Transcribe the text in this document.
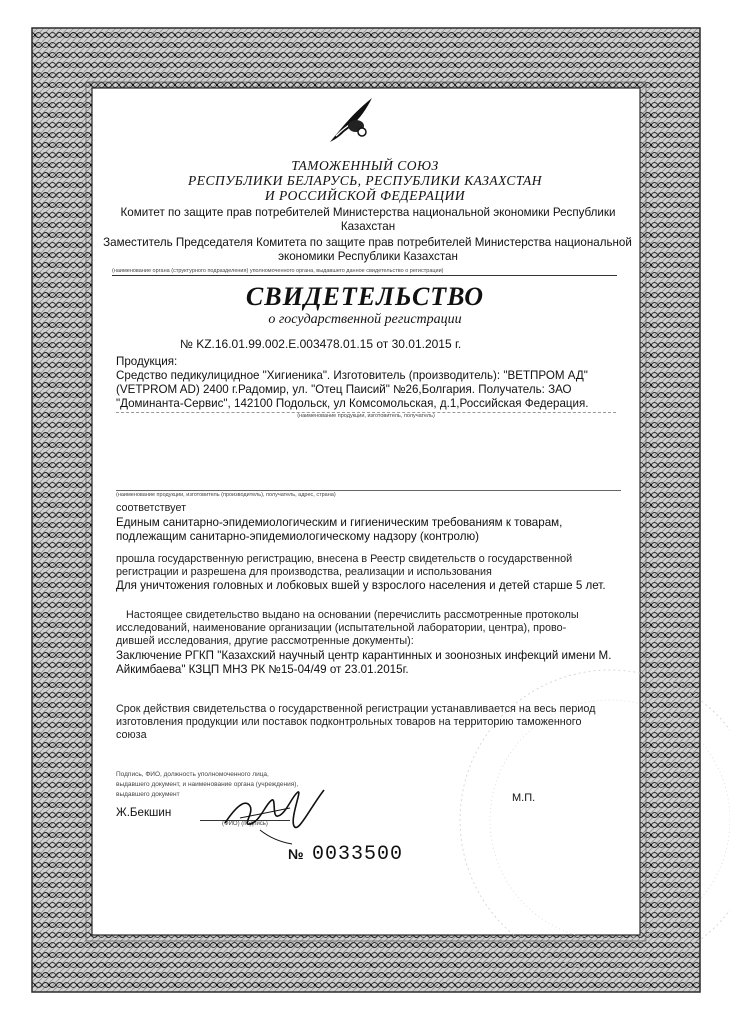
ТАМОЖЕННЫЙ СОЮЗ
РЕСПУБЛИКИ БЕЛАРУСЬ, РЕСПУБЛИКИ КАЗАХСТАН
И РОССИЙСКОЙ ФЕДЕРАЦИИ
Комитет по защите прав потребителей Министерства национальной экономики Республики
Казахстан
Заместитель Председателя Комитета по защите прав потребителей Министерства национальной
экономики Республики Казахстан
(наименование органа (структурного подразделения) уполномоченного органа, выдавшего данное свидетельство о регистрации)
СВИДЕТЕЛЬСТВО
о государственной регистрации
№ KZ.16.01.99.002.E.003478.01.15 от 30.01.2015 г.
Продукция:
Средство педикулицидное "Хигиеника". Изготовитель (производитель): "ВЕТПРОМ АД"
(VETPROM AD) 2400 г.Радомир, ул. "Отец Паисий" №26,Болгария. Получатель: ЗАО
"Доминанта-Сервис", 142100 Подольск, ул Комсомольская, д.1,Российская Федерация.
(наименование продукции, изготовитель, получатель)
(наименование продукции, изготовитель (производитель), получатель, адрес, страна)
соответствует
Единым санитарно-эпидемиологическим и гигиеническим требованиям к товарам,
подлежащим санитарно-эпидемиологическому надзору (контролю)
прошла государственную регистрацию, внесена в Реестр свидетельств о государственной
регистрации и разрешена для производства, реализации и использования
Для уничтожения головных и лобковых вшей у взрослого населения и детей старше 5 лет.
Настоящее свидетельство выдано на основании (перечислить рассмотренные протоколы
исследований, наименование организации (испытательной лаборатории, центра), прово-
дившей исследования, другие рассмотренные документы):
Заключение РГКП "Казахский научный центр карантинных и зоонозных инфекций имени М.
Айкимбаева" КЗЦП МНЗ РК №15-04/49 от 23.01.2015г.
Срок действия свидетельства о государственной регистрации устанавливается на весь период
изготовления продукции или поставок подконтрольных товаров на территорию таможенного
союза
Подпись, ФИО, должность уполномоченного лица,
выдавшего документ, и наименование органа (учреждения),
выдавшего документ
Ж.Бекшин
(ФИО) (подпись)
М.П.
№ 0033500
